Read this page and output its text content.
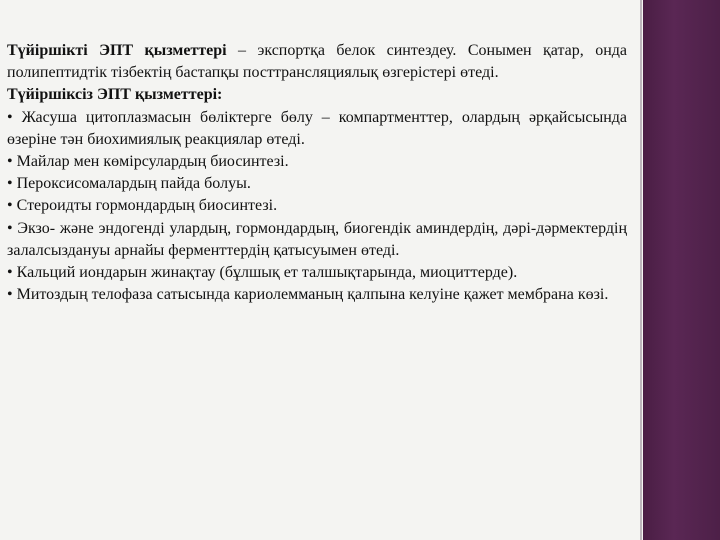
Түйіршікті ЭПТ қызметтері – экспортқа белок синтездеу. Сонымен қатар, онда полипептидтік тізбектің бастапқы посттрансляциялық өзгерістері өтеді.

Түйіршіксіз ЭПТ қызметтері:

• Жасуша цитоплазмасын бөліктерге бөлу – компартменттер, олардың әрқайсысында өзеріне тән биохимиялық реакциялар өтеді.

• Майлар мен көмірсулардың биосинтезі.

• Пероксисомалардың пайда болуы.

• Стероидты гормондардың биосинтезі.

• Экзо- және эндогенді улардың, гормондардың, биогендік аминдердің, дәрі-дәрмектердің залалсыздануы арнайы ферменттердің қатысуымен өтеді.

• Кальций иондарын жинақтау (бұлшық ет талшықтарында, миоциттерде).

• Митоздың телофаза сатысында кариолемманың қалпына келуіне қажет мембрана көзі.
